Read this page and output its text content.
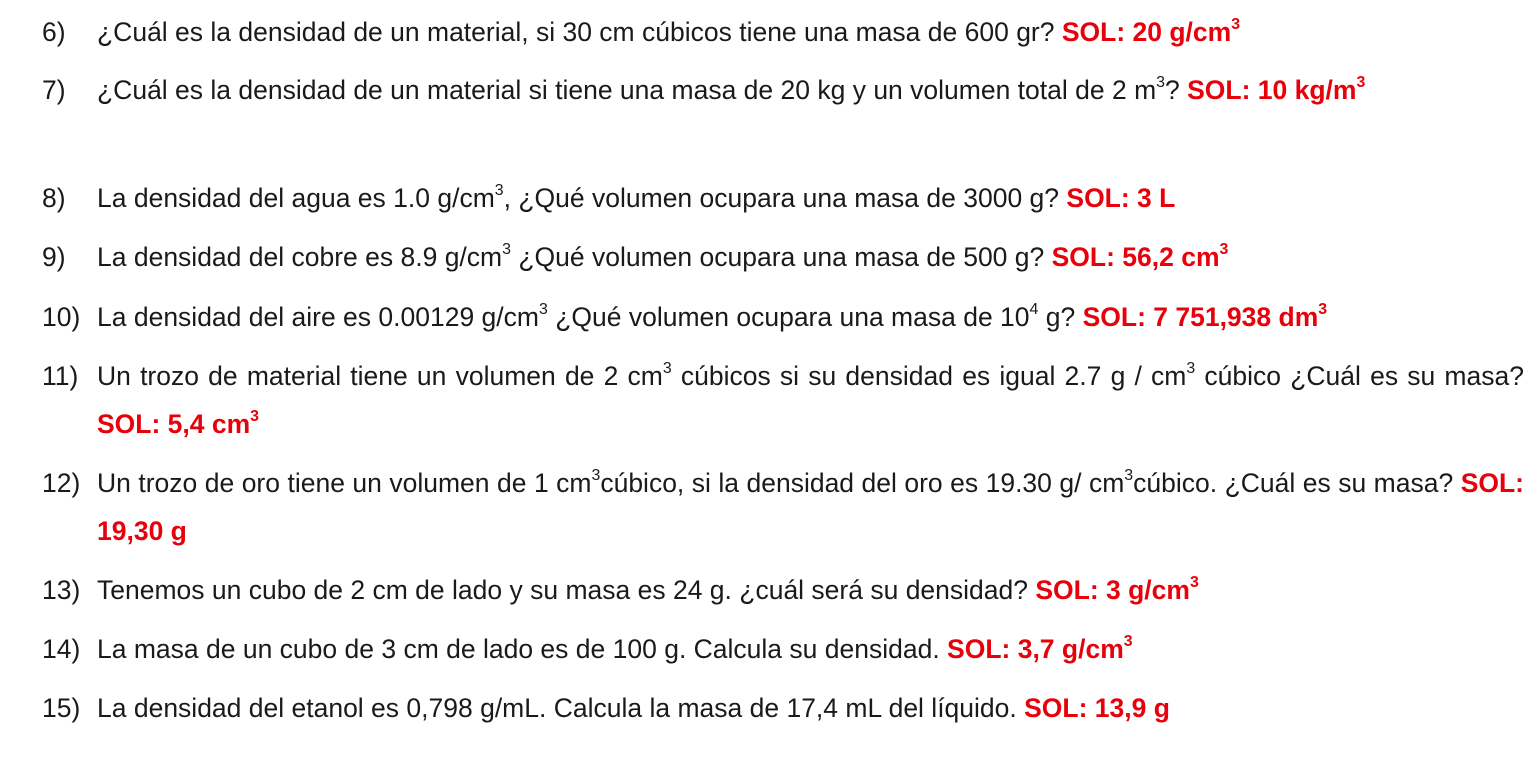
6) ¿Cuál es la densidad de un material, si 30 cm cúbicos tiene una masa de 600 gr? SOL: 20 $g/cm^3$
7) ¿Cuál es la densidad de un material si tiene una masa de 20 kg y un volumen total de 2 $m^3$? SOL: 10 $kg/m^3$
8) La densidad del agua es 1.0 $g/cm^3$, ¿Qué volumen ocupara una masa de 3000 g? SOL: 3 L
9) La densidad del cobre es 8.9 $g/cm^3$ ¿Qué volumen ocupara una masa de 500 g? SOL: 56,2 $cm^3$
10) La densidad del aire es 0.00129 $g/cm^3$ ¿Qué volumen ocupara una masa de $10^4$ g? SOL: 7 751,938 $dm^3$
11) Un trozo de material tiene un volumen de 2 $cm^3$ cúbicos si su densidad es igual 2.7 g / $cm^3$ cúbico ¿Cuál es su masa? SOL: 5,4 $cm^3$
12) Un trozo de oro tiene un volumen de 1 $cm^3cúbico$, si la densidad del oro es 19.30 g/ $cm^3cúbico$. ¿Cuál es su masa? SOL: 19,30 g
13) Tenemos un cubo de 2 cm de lado y su masa es 24 g. ¿cuál será su densidad? SOL: 3 $g/cm^3$
14) La masa de un cubo de 3 cm de lado es de 100 g. Calcula su densidad. SOL: 3,7 $g/cm^3$
15) La densidad del etanol es 0,798 g/mL. Calcula la masa de 17,4 mL del líquido. SOL: 13,9 g
